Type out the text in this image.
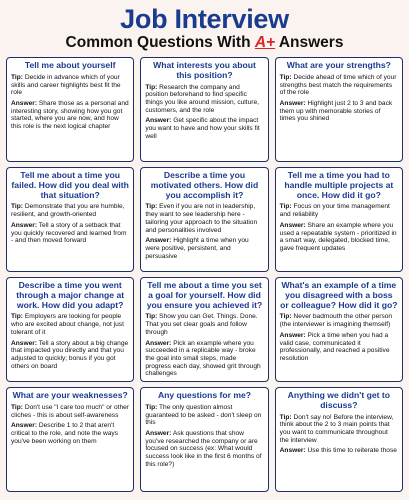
Job Interview
Common Questions With A+ Answers
Tell me about yourself

Tip: Decide in advance which of your skills and career highlights best fit the role

Answer: Share those as a personal and interesting story, showing how you got started, where you are now, and how this role is the next logical chapter

What interests you about this position?

Tip: Research the company and position beforehand to find specific things you like around mission, culture, customers, and the role

Answer: Get specific about the impact you want to have and how your skills fit well

What are your strengths?

Tip: Decide ahead of time which of your strengths best match the requirements of the role

Answer: Highlight just 2 to 3 and back them up with memorable stories of times you shined

Tell me about a time you failed. How did you deal with that situation?

Tip: Demonstrate that you are humble, resilient, and growth-oriented

Answer: Tell a story of a setback that you quickly recovered and learned from - and then moved forward

Describe a time you motivated others. How did you accomplish it?

Tip: Even if you are not in leadership, they want to see leadership here - tailoring your approach to the situation and personalities involved

Answer: Highlight a time when you were positive, persistent, and persuasive

Tell me a time you had to handle multiple projects at once. How did it go?

Tip: Focus on your time management and reliability

Answer: Share an example where you used a repeatable system - prioritized in a smart way, delegated, blocked time, gave frequent updates

Describe a time you went through a major change at work. How did you adapt?

Tip: Employers are looking for people who are excited about change, not just tolerant of it

Answer: Tell a story about a big change that impacted you directly and that you adjusted to quickly; bonus if you got others on board

Tell me about a time you set a goal for yourself. How did you ensure you achieved it?

Tip: Show you can Get. Things. Done. That you set clear goals and follow through

Answer: Pick an example where you succeeded in a replicable way - broke the goal into small steps, made progress each day, showed grit through challenges

What's an example of a time you disagreed with a boss or colleague? How did it go?

Tip: Never badmouth the other person (the interviewer is imagining themself)

Answer: Pick a time when you had a valid case, communicated it professionally, and reached a positive resolution

What are your weaknesses?

Tip: Don't use "I care too much" or other cliches - this is about self-awareness

Answer: Describe 1 to 2 that aren't critical to the role, and note the ways you've been working on them

Any questions for me?

Tip: The only question almost guaranteed to be asked - don't sleep on this

Answer: Ask questions that show you've researched the company or are focused on success (ex: What would success look like in the first 6 months of this role?)

Anything we didn't get to discuss?

Tip: Don't say no! Before the interview, think about the 2 to 3 main points that you want to communicate throughout the interview

Answer: Use this time to reiterate those
